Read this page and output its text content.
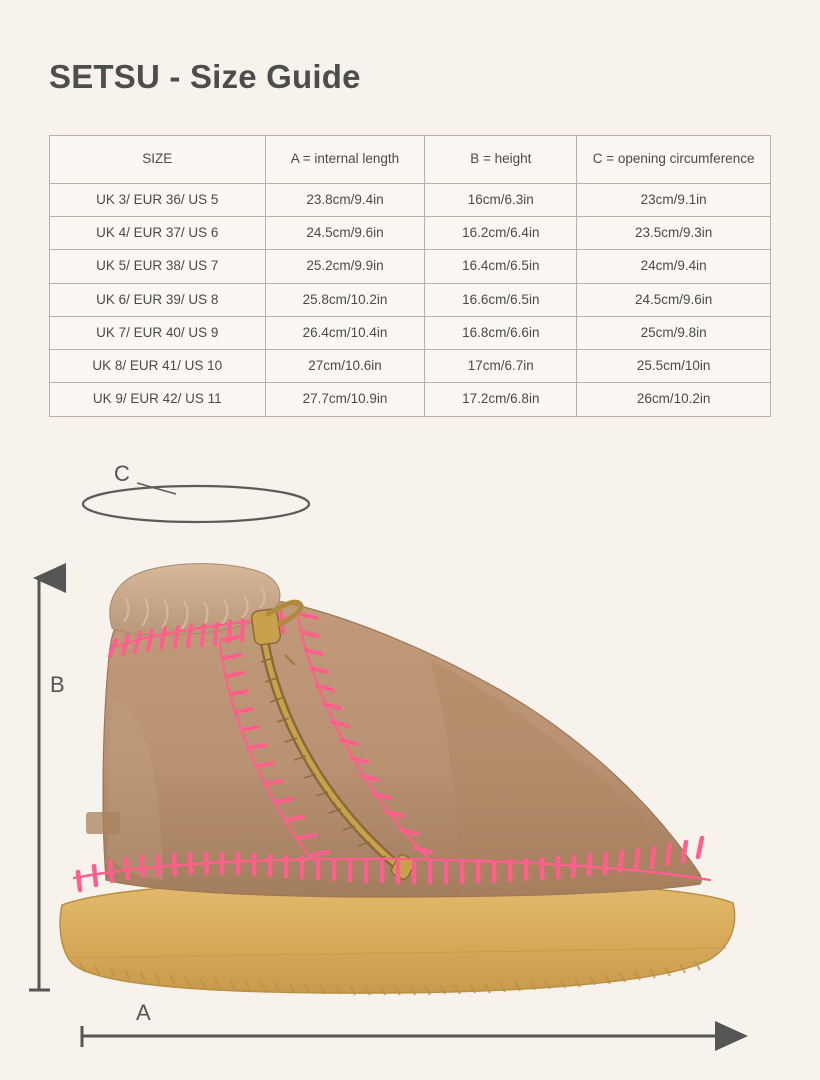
SETSU - Size Guide
SIZE	A = internal length	B = height	C = opening circumference
UK 3/ EUR 36/ US 5	23.8cm/9.4in	16cm/6.3in	23cm/9.1in
UK 4/ EUR 37/ US 6	24.5cm/9.6in	16.2cm/6.4in	23.5cm/9.3in
UK 5/ EUR 38/ US 7	25.2cm/9.9in	16.4cm/6.5in	24cm/9.4in
UK 6/ EUR 39/ US 8	25.8cm/10.2in	16.6cm/6.5in	24.5cm/9.6in
UK 7/ EUR 40/ US 9	26.4cm/10.4in	16.8cm/6.6in	25cm/9.8in
UK 8/ EUR 41/ US 10	27cm/10.6in	17cm/6.7in	25.5cm/10in
UK 9/ EUR 42/ US 11	27.7cm/10.9in	17.2cm/6.8in	26cm/10.2in
C
B
A
